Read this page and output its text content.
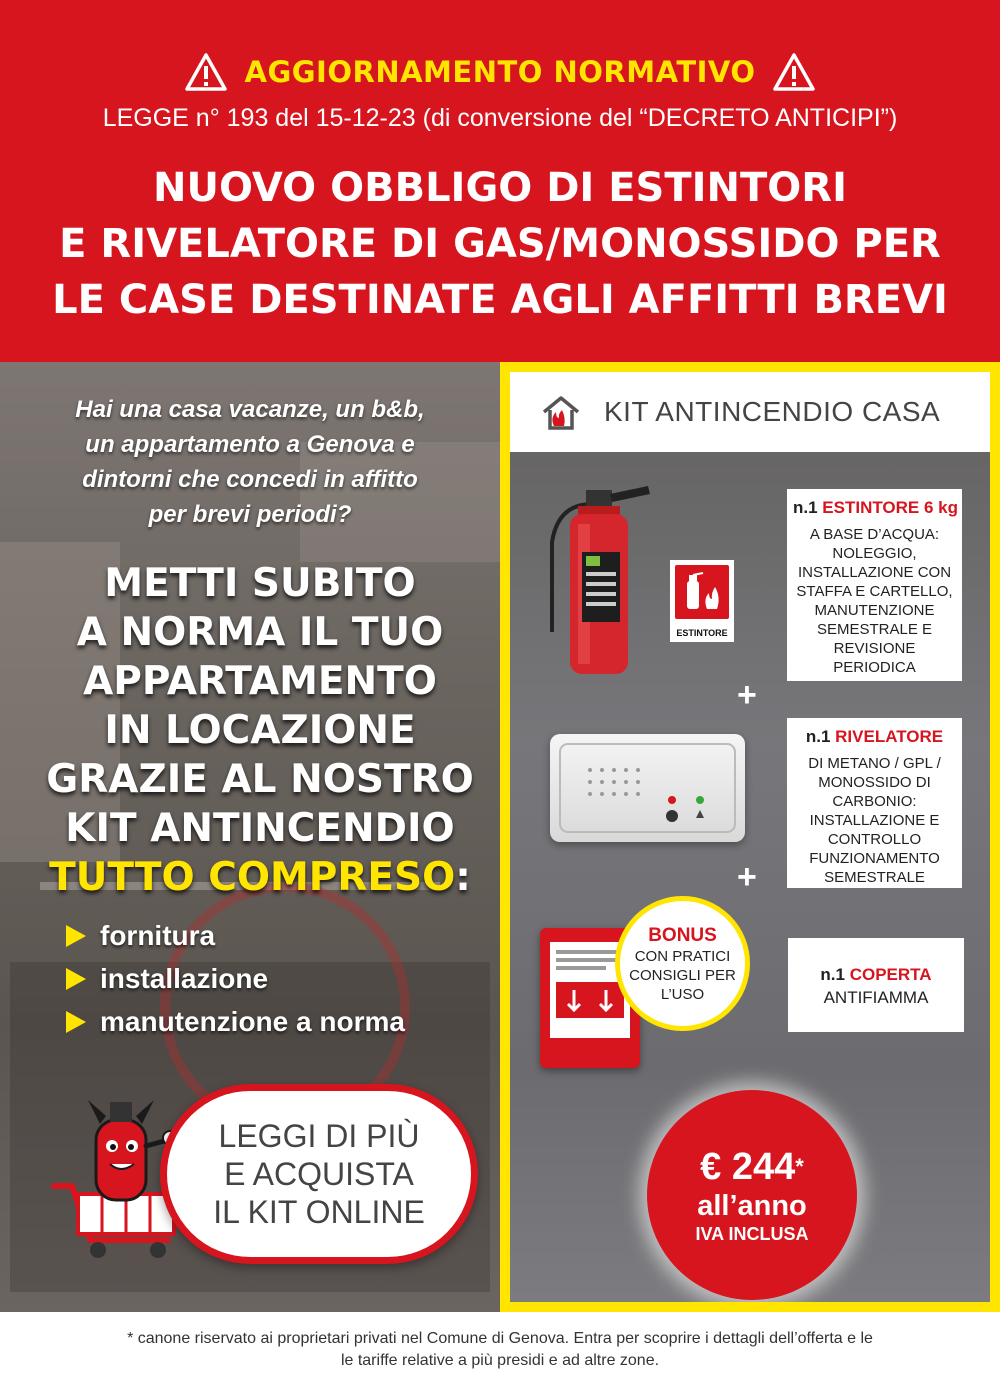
AGGIORNAMENTO NORMATIVO
LEGGE n° 193 del 15-12-23 (di conversione del “DECRETO ANTICIPI”)
NUOVO OBBLIGO DI ESTINTORI
E RIVELATORE DI GAS/MONOSSIDO PER
LE CASE DESTINATE AGLI AFFITTI BREVI
Hai una casa vacanze, un b&b,
un appartamento a Genova e
dintorni che concedi in affitto
per brevi periodi?
METTI SUBITO
A NORMA IL TUO
APPARTAMENTO
IN LOCAZIONE
GRAZIE AL NOSTRO
KIT ANTINCENDIO
TUTTO COMPRESO:
fornitura
installazione
manutenzione a norma
LEGGI DI PIÙ
E ACQUISTA
IL KIT ONLINE
KIT ANTINCENDIO CASA
ESTINTORE
n.1 ESTINTORE 6 kg
A BASE D’ACQUA:
NOLEGGIO,
INSTALLAZIONE CON
STAFFA E CARTELLO,
MANUTENZIONE
SEMESTRALE E
REVISIONE
PERIODICA
+
n.1 RIVELATORE
DI METANO / GPL /
MONOSSIDO DI
CARBONIO:
INSTALLAZIONE E
CONTROLLO
FUNZIONAMENTO
SEMESTRALE
+
BONUS
CON PRATICI
CONSIGLI PER
L’USO
n.1 COPERTA
ANTIFIAMMA
€ 244*
all’anno
IVA INCLUSA
* canone riservato ai proprietari privati nel Comune di Genova. Entra per scoprire i dettagli dell’offerta e le
le tariffe relative a più presidi e ad altre zone.
